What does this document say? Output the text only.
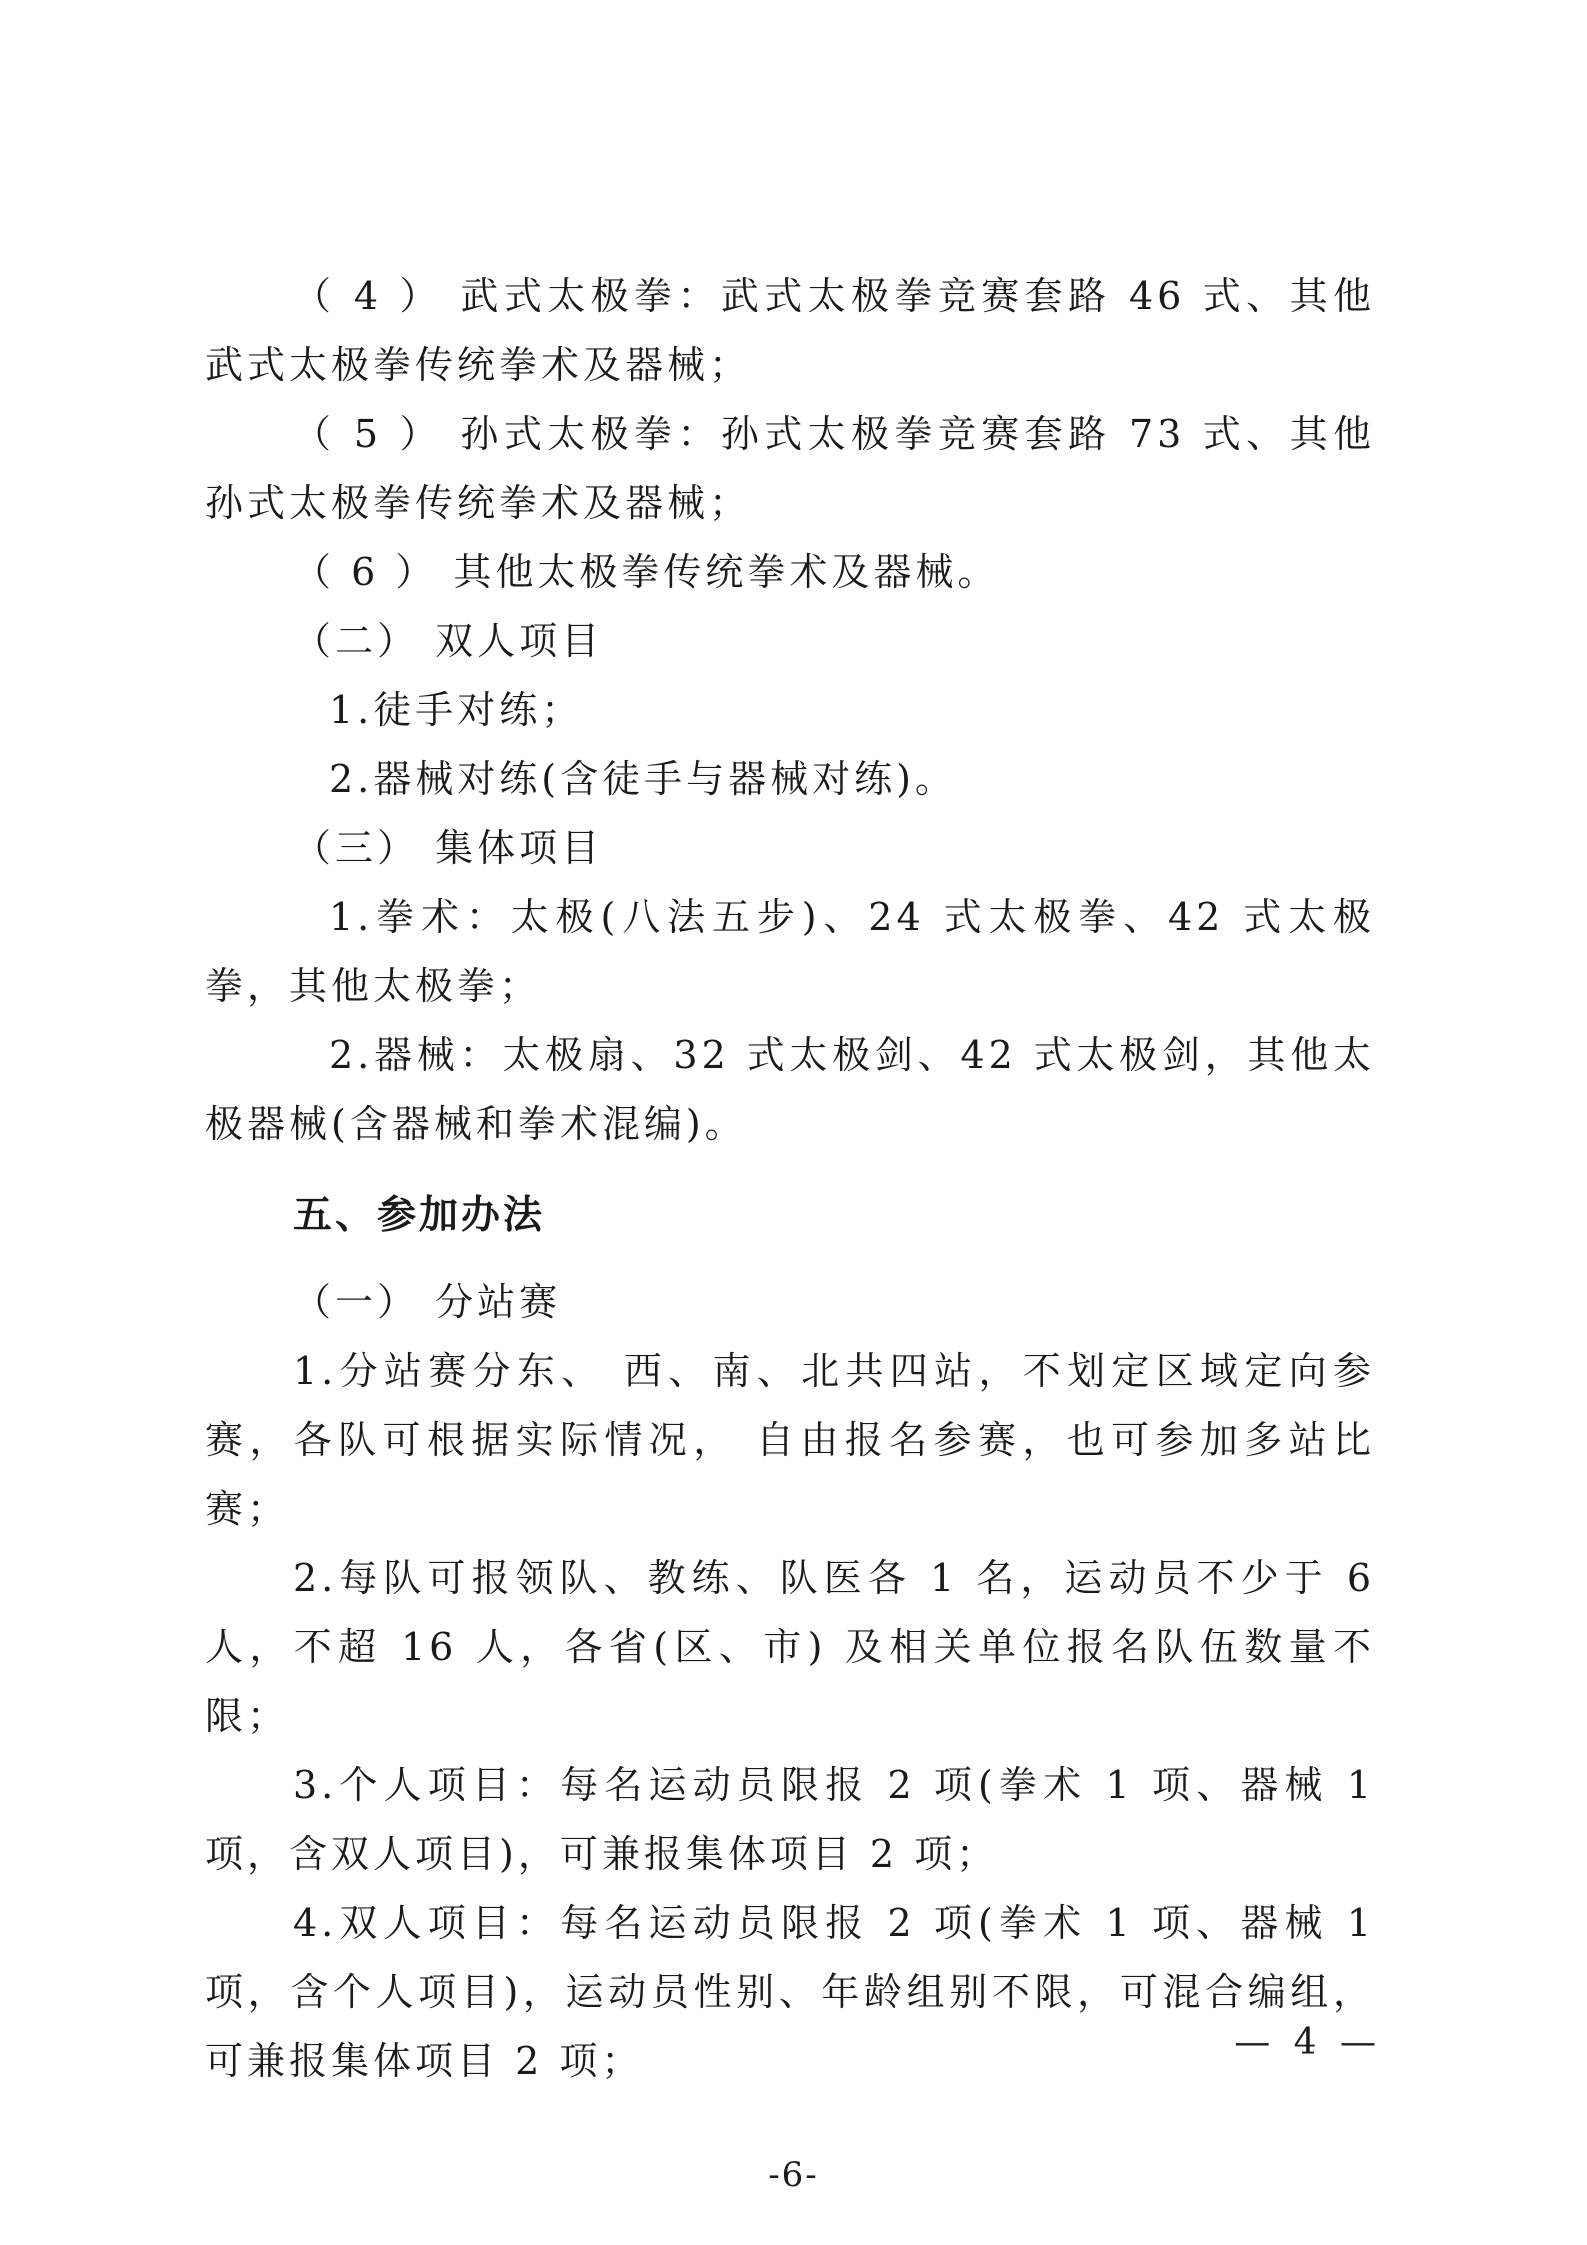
（ 4 ） 武式太极拳：武式太极拳竞赛套路 46 式、其他武式太极拳传统拳术及器械；

（ 5 ） 孙式太极拳：孙式太极拳竞赛套路 73 式、其他孙式太极拳传统拳术及器械；

（ 6 ） 其他太极拳传统拳术及器械。

（二） 双人项目

1.徒手对练；

2.器械对练(含徒手与器械对练)。

（三） 集体项目

1.拳术：太极(八法五步)、24 式太极拳、42 式太极拳，其他太极拳；

2.器械：太极扇、32 式太极剑、42 式太极剑，其他太极器械(含器械和拳术混编)。

五、参加办法

（一） 分站赛

1.分站赛分东、 西、南、北共四站，不划定区域定向参赛，各队可根据实际情况， 自由报名参赛，也可参加多站比赛；

2.每队可报领队、教练、队医各 1 名，运动员不少于 6 人，不超 16 人，各省(区、市) 及相关单位报名队伍数量不限；

3.个人项目：每名运动员限报 2 项(拳术 1 项、器械 1 项，含双人项目)，可兼报集体项目 2 项；

4.双人项目：每名运动员限报 2 项(拳术 1 项、器械 1 项，含个人项目)，运动员性别、年龄组别不限，可混合编组，可兼报集体项目 2 项；	— 4 —
-6-
